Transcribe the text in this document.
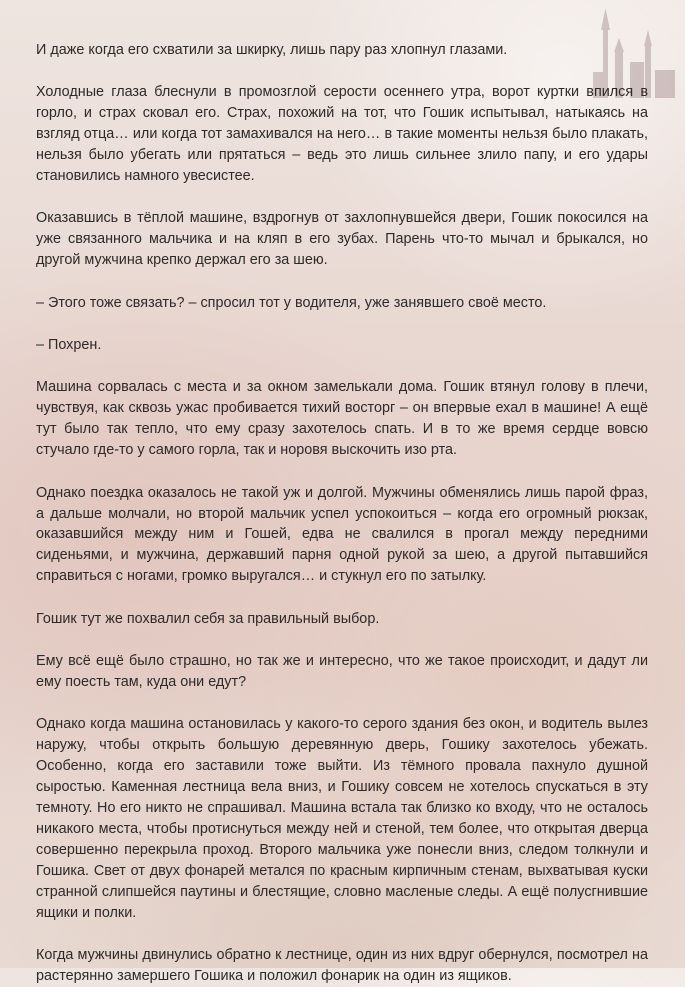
И даже когда его схватили за шкирку, лишь пару раз хлопнул глазами.

Холодные глаза блеснули в промозглой серости осеннего утра, ворот куртки впился в горло, и страх сковал его. Страх, похожий на тот, что Гошик испытывал, натыкаясь на взгляд отца… или когда тот замахивался на него… в такие моменты нельзя было плакать, нельзя было убегать или прятаться – ведь это лишь сильнее злило папу, и его удары становились намного увесистее.

Оказавшись в тёплой машине, вздрогнув от захлопнувшейся двери, Гошик покосился на уже связанного мальчика и на кляп в его зубах. Парень что-то мычал и брыкался, но другой мужчина крепко держал его за шею.

– Этого тоже связать? – спросил тот у водителя, уже занявшего своё место.

– Похрен.

Машина сорвалась с места и за окном замелькали дома. Гошик втянул голову в плечи, чувствуя, как сквозь ужас пробивается тихий восторг – он впервые ехал в машине! А ещё тут было так тепло, что ему сразу захотелось спать. И в то же время сердце вовсю стучало где-то у самого горла, так и норовя выскочить изо рта.

Однако поездка оказалось не такой уж и долгой. Мужчины обменялись лишь парой фраз, а дальше молчали, но второй мальчик успел успокоиться – когда его огромный рюкзак, оказавшийся между ним и Гошей, едва не свалился в прогал между передними сиденьями, и мужчина, державший парня одной рукой за шею, а другой пытавшийся справиться с ногами, громко выругался… и стукнул его по затылку.

Гошик тут же похвалил себя за правильный выбор.

Ему всё ещё было страшно, но так же и интересно, что же такое происходит, и дадут ли ему поесть там, куда они едут?

Однако когда машина остановилась у какого-то серого здания без окон, и водитель вылез наружу, чтобы открыть большую деревянную дверь, Гошику захотелось убежать. Особенно, когда его заставили тоже выйти. Из тёмного провала пахнуло душной сыростью. Каменная лестница вела вниз, и Гошику совсем не хотелось спускаться в эту темноту. Но его никто не спрашивал. Машина встала так близко ко входу, что не осталось никакого места, чтобы протиснуться между ней и стеной, тем более, что открытая дверца совершенно перекрыла проход. Второго мальчика уже понесли вниз, следом толкнули и Гошика. Свет от двух фонарей метался по красным кирпичным стенам, выхватывая куски странной слипшейся паутины и блестящие, словно масленые следы. А ещё полусгнившие ящики и полки.

Когда мужчины двинулись обратно к лестнице, один из них вдруг обернулся, посмотрел на растерянно замершего Гошика и положил фонарик на один из ящиков.
